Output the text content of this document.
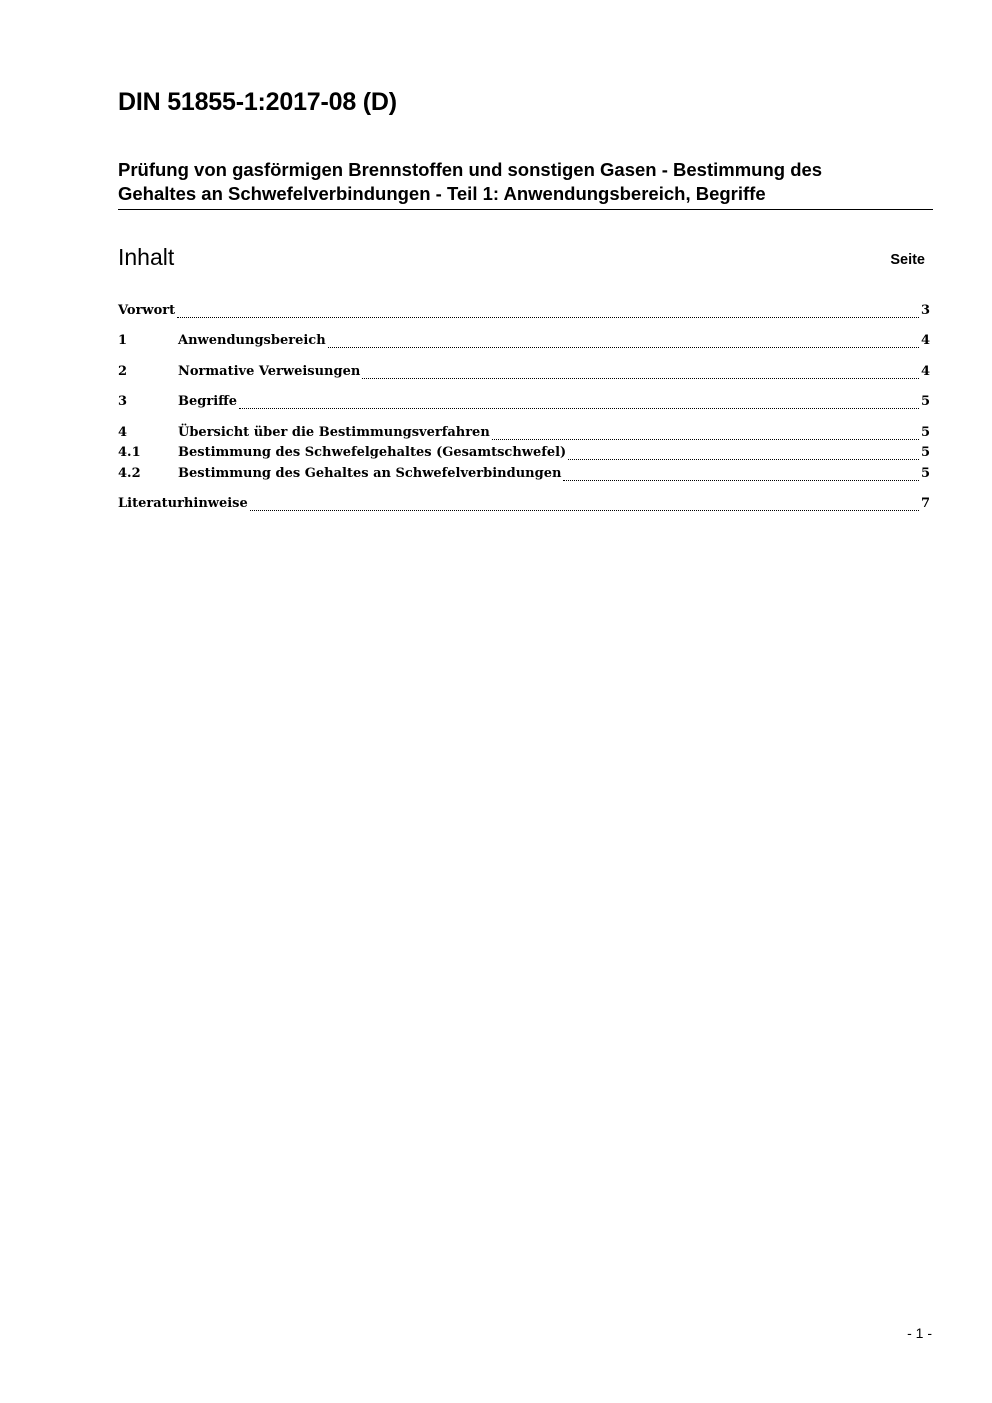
DIN 51855-1:2017-08 (D)
Prüfung von gasförmigen Brennstoffen und sonstigen Gasen - Bestimmung des
Gehaltes an Schwefelverbindungen - Teil 1: Anwendungsbereich, Begriffe
Inhalt	Seite
Vorwort	3
1	Anwendungsbereich	4
2	Normative Verweisungen	4
3	Begriffe	5
4	Übersicht über die Bestimmungsverfahren	5
4.1	Bestimmung des Schwefelgehaltes (Gesamtschwefel)	5
4.2	Bestimmung des Gehaltes an Schwefelverbindungen	5
Literaturhinweise	7
- 1 -
